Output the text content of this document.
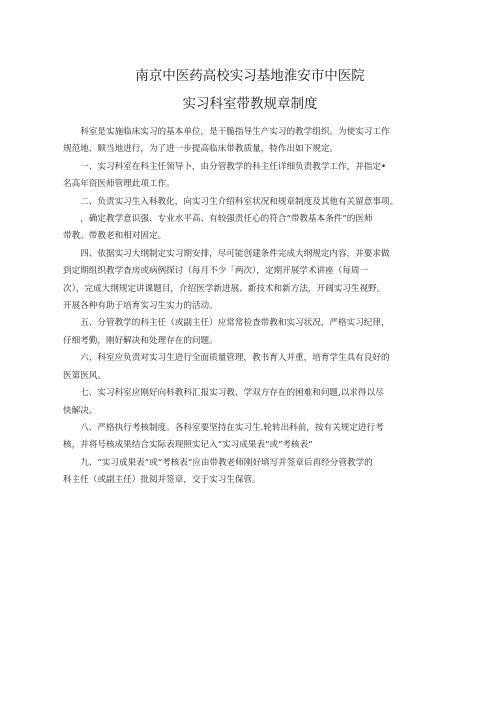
南京中医药高校实习基地淮安市中医院
实习科室带教规章制度
科室是实施临床实习的基本单位，是干脆指导生产实习的教学组织。为使实习工作
规范地、顺当地进行，为了进一步提高临床带教质量，特作出如下规定。
一、实习科室在科主任领导卜，由分管教学的科主任详细负责教学工作，并指定•
名高年资医师管理此项工作。
二、负责实习生入科教化，向实习生介绍科室状况和规章制度及其他有关留意事项。
，确定教学意识强、专业水平高、有较强责任心的符合“带教基本条件”的医师
带教。带教老和相对固定。
四、依据实习大纲制定实习期安排，尽可能创建条件完成大纲规定内容，并要求做
到定期组织教学查房或病例探讨（每月不少「两次），定期开展学术讲座（每周一
次），完成大纲规定讲课题目，介绍医学新进展、新技术和新方法，开阔实习生视野。
开展各种有助于培育实习生实力的活动。
五、分管教学的科主任（或副主任）应常常检查带教和实习状况，严格实习纪律，
仔细考勤，刚好解决和处理存在的问题。
六、科室应负责对实习生进行全面质量管理，教书育人并重，培育学生具有良好的
医第医风。
七、实习科室应刚好向科教科汇报实习教、学双方存在的困难和问题,以求得以尽
快解决。
八、严格执行考核制度。各科室要坚持在实习生.轮转出科前，按有关规定进行考
核，并将号核成果结合实际表现照实记入“实习成果表”或“考核表”
九、“实习成果表”或“考核表”应由带教老师刚好填写并签章后再经分管教学的
科主任（或副主任）批阅并签章，交于实习生保管。
